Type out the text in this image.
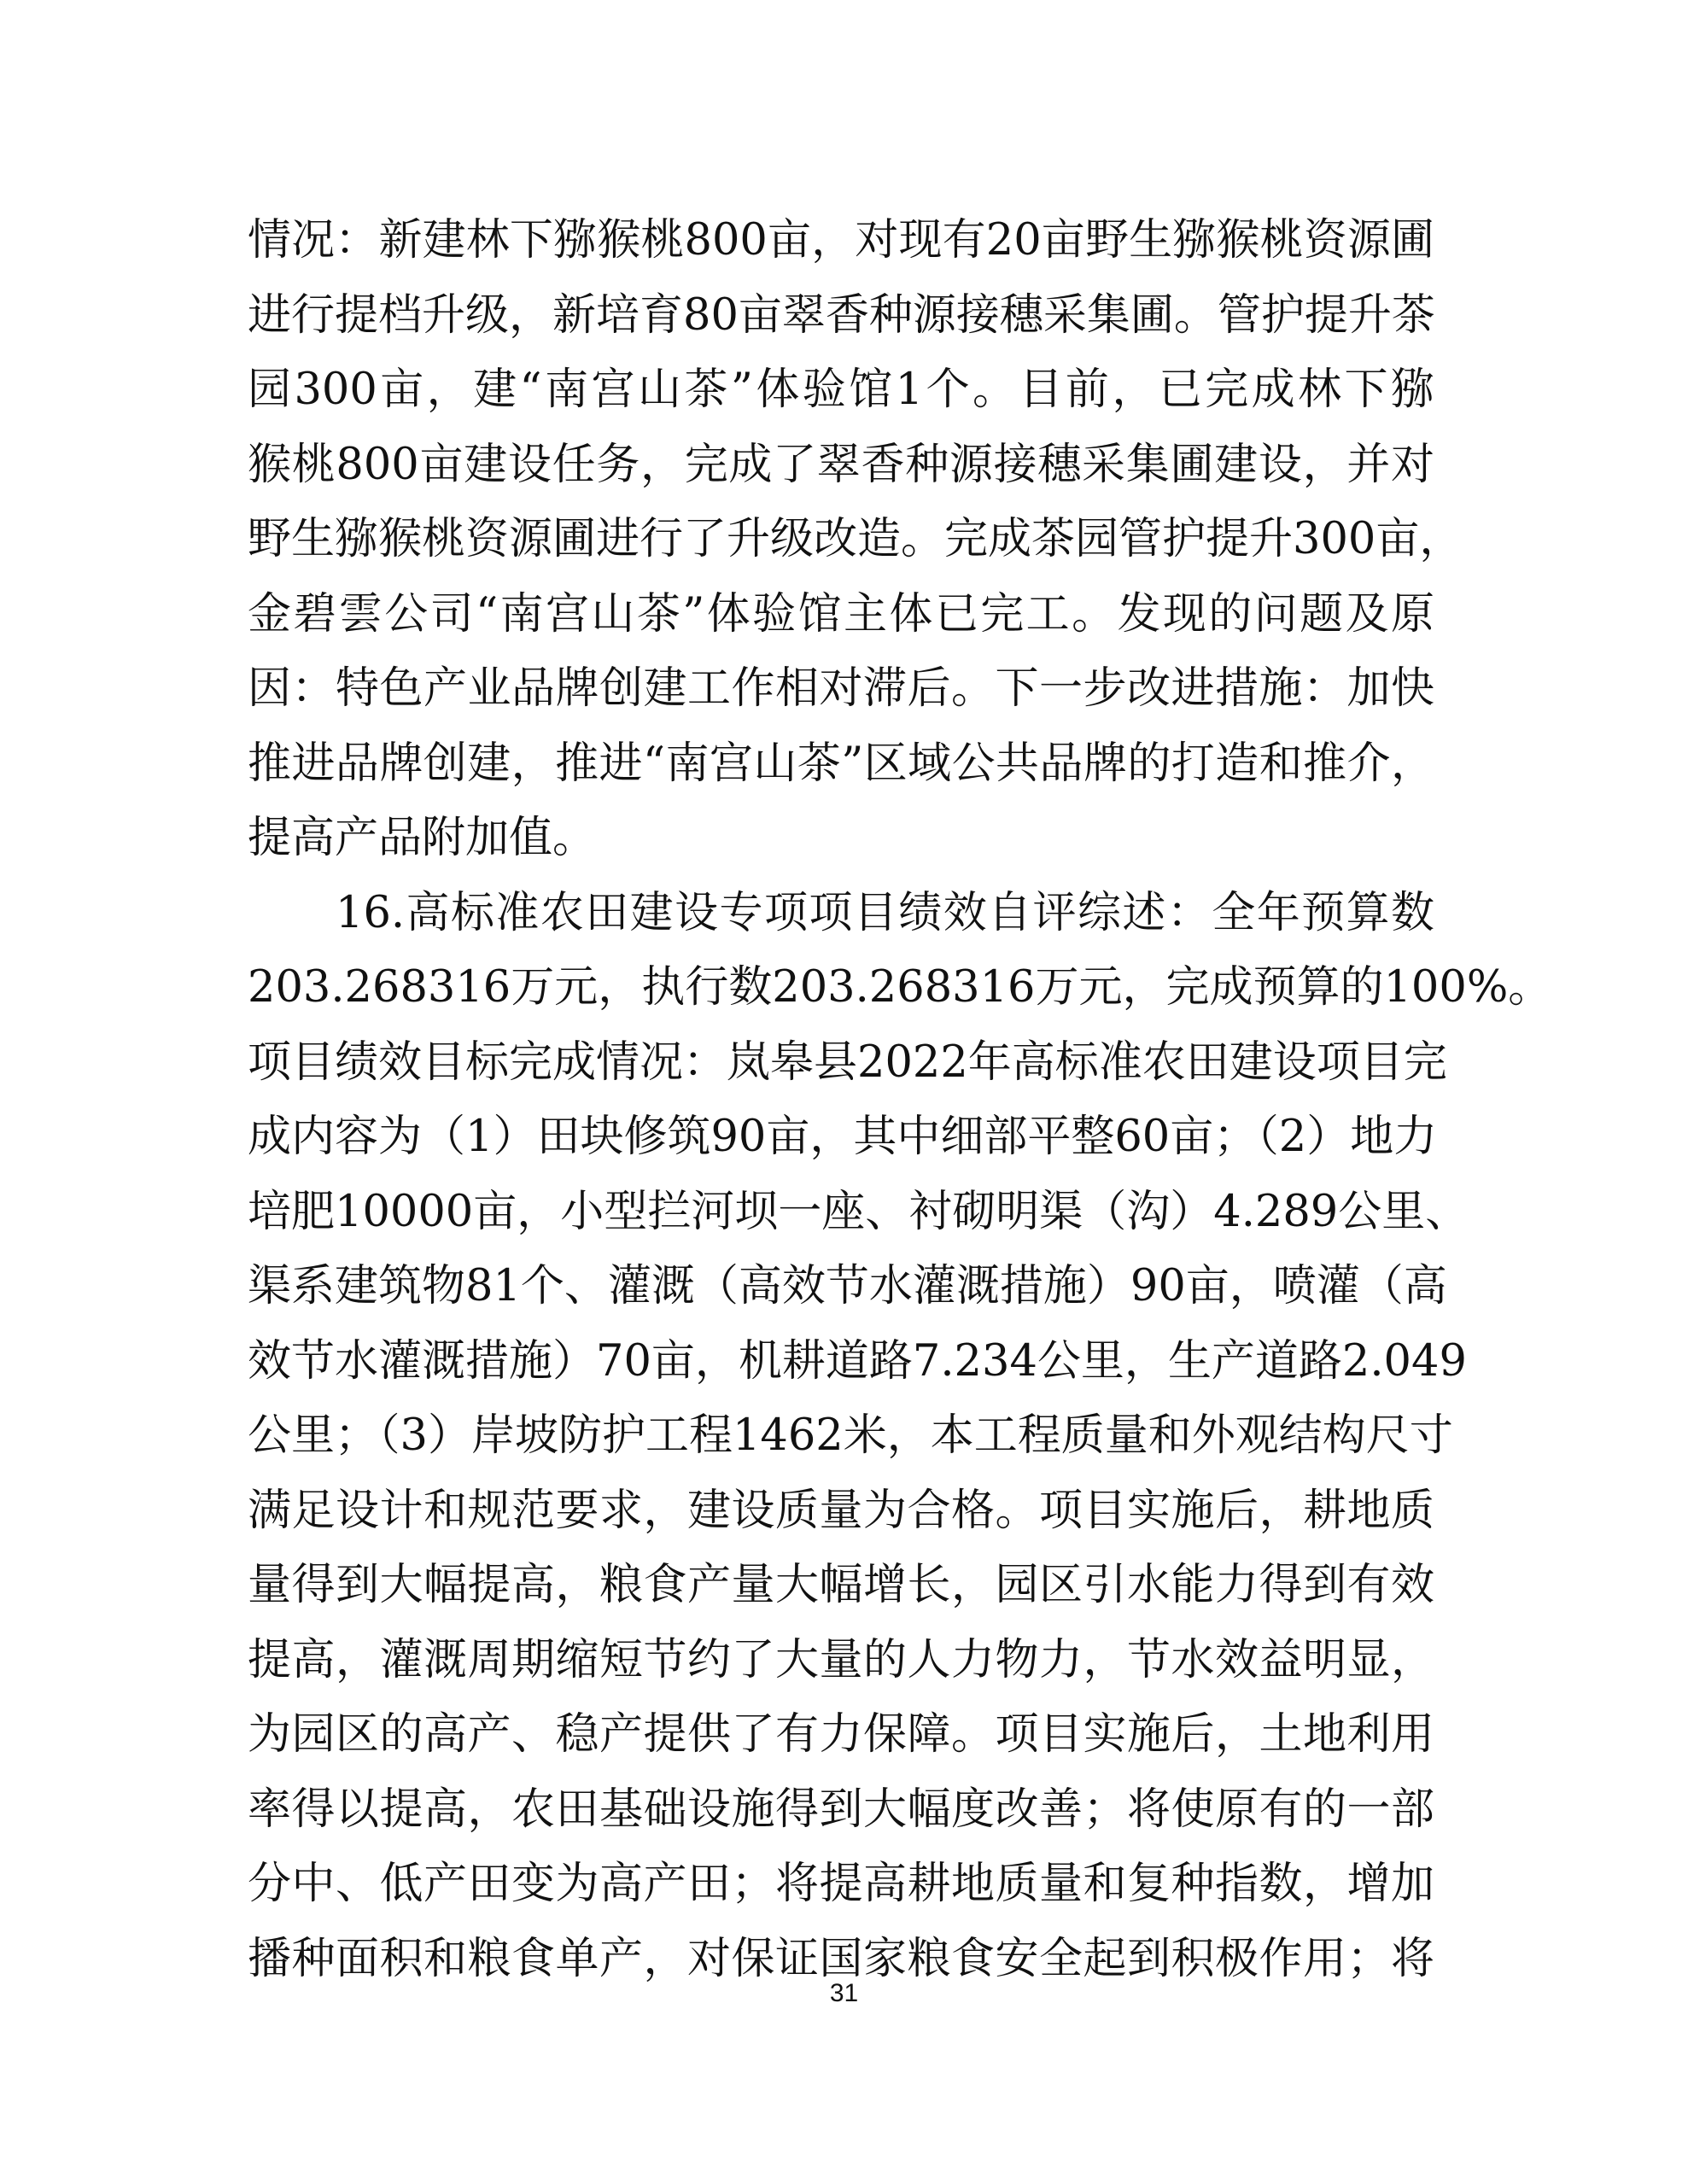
情况：新建林下猕猴桃800亩，对现有20亩野生猕猴桃资源圃
进行提档升级，新培育80亩翠香种源接穗采集圃。管护提升茶
园300亩，建“南宫山茶”体验馆1个。目前，已完成林下猕
猴桃800亩建设任务，完成了翠香种源接穗采集圃建设，并对
野生猕猴桃资源圃进行了升级改造。完成茶园管护提升300亩，
金碧雲公司“南宫山茶”体验馆主体已完工。发现的问题及原
因：特色产业品牌创建工作相对滞后。下一步改进措施：加快
推进品牌创建，推进“南宫山茶”区域公共品牌的打造和推介，
提高产品附加值。
16.高标准农田建设专项项目绩效自评综述：全年预算数
203.268316万元，执行数203.268316万元，完成预算的100%。
项目绩效目标完成情况：岚皋县2022年高标准农田建设项目完
成内容为（1）田块修筑90亩，其中细部平整60亩；（2）地力
培肥10000亩，小型拦河坝一座、衬砌明渠（沟）4.289公里、
渠系建筑物81个、灌溉（高效节水灌溉措施）90亩，喷灌（高
效节水灌溉措施）70亩，机耕道路7.234公里，生产道路2.049
公里；（3）岸坡防护工程1462米，本工程质量和外观结构尺寸
满足设计和规范要求，建设质量为合格。项目实施后，耕地质
量得到大幅提高，粮食产量大幅增长，园区引水能力得到有效
提高，灌溉周期缩短节约了大量的人力物力，节水效益明显，
为园区的高产、稳产提供了有力保障。项目实施后，土地利用
率得以提高，农田基础设施得到大幅度改善；将使原有的一部
分中、低产田变为高产田；将提高耕地质量和复种指数，增加
播种面积和粮食单产，对保证国家粮食安全起到积极作用；将
31
